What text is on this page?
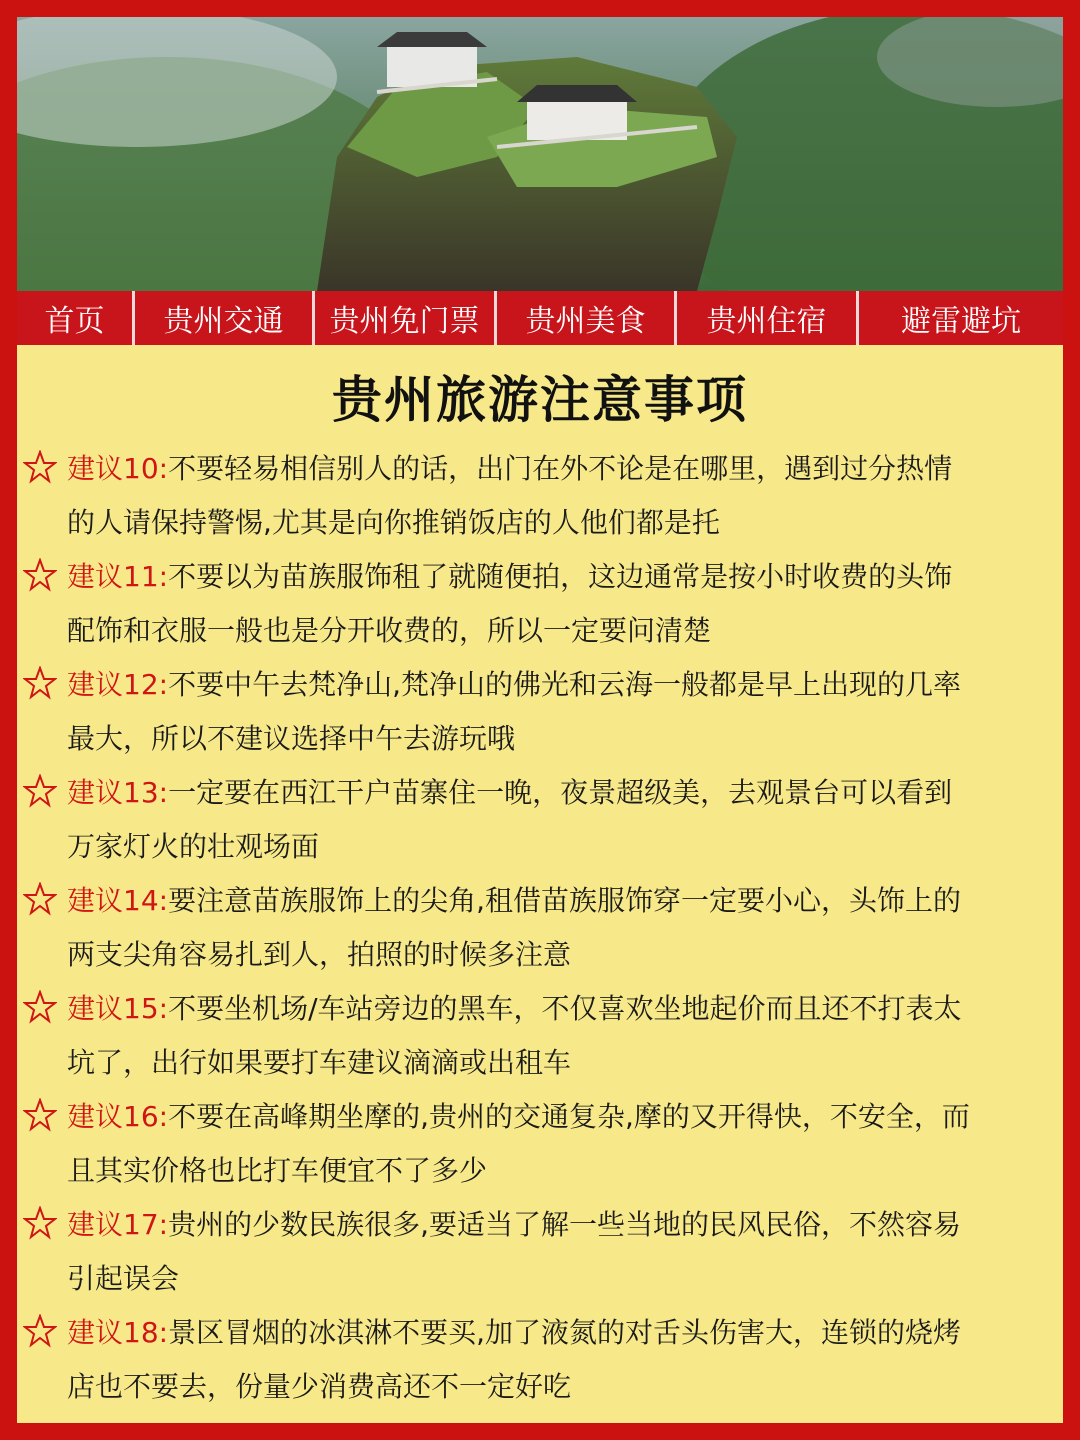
首页	贵州交通	贵州免门票	贵州美食	贵州住宿	避雷避坑
贵州旅游注意事项
建议10:不要轻易相信别人的话，出门在外不论是在哪里，遇到过分热情
的人请保持警惕,尤其是向你推销饭店的人他们都是托
建议11:不要以为苗族服饰租了就随便拍，这边通常是按小时收费的头饰
配饰和衣服一般也是分开收费的，所以一定要问清楚
建议12:不要中午去梵净山,梵净山的佛光和云海一般都是早上出现的几率
最大，所以不建议选择中午去游玩哦
建议13:一定要在西江干户苗寨住一晚，夜景超级美，去观景台可以看到
万家灯火的壮观场面
建议14:要注意苗族服饰上的尖角,租借苗族服饰穿一定要小心，头饰上的
两支尖角容易扎到人，拍照的时候多注意
建议15:不要坐机场/车站旁边的黑车，不仅喜欢坐地起价而且还不打表太
坑了，出行如果要打车建议滴滴或出租车
建议16:不要在高峰期坐摩的,贵州的交通复杂,摩的又开得快，不安全，而
且其实价格也比打车便宜不了多少
建议17:贵州的少数民族很多,要适当了解一些当地的民风民俗，不然容易
引起误会
建议18:景区冒烟的冰淇淋不要买,加了液氮的对舌头伤害大，连锁的烧烤
店也不要去，份量少消费高还不一定好吃
